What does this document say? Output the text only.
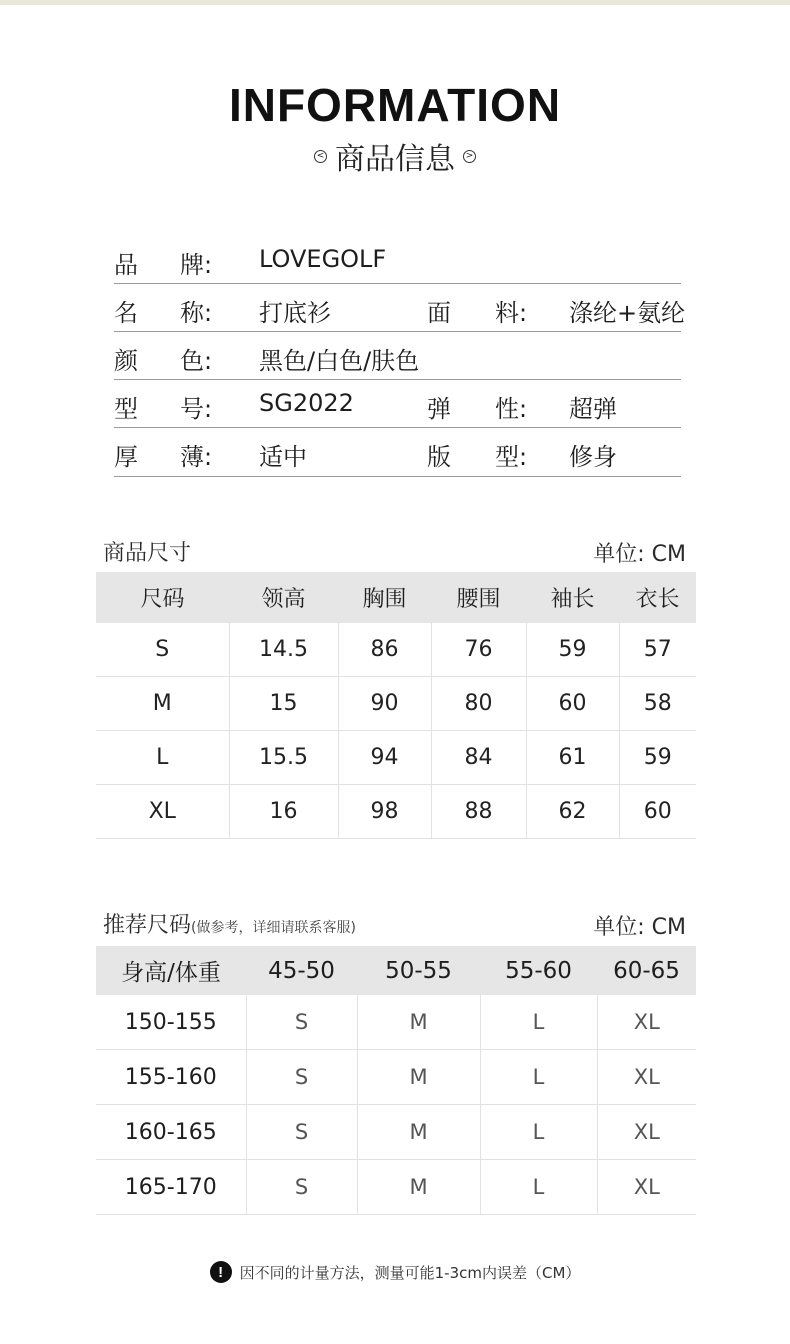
INFORMATION
< 商品信息	>
品 牌: LOVEGOLF
名 称: 打底衫	面 料: 涤纶+氨纶
颜 色: 黑色/白色/肤色
型 号: SG2022	弹 性: 超弹
厚 薄: 适中	版 型: 修身
商品尺寸	单位: CM
尺码	领高	胸围	腰围	袖长	衣长
S	14.5	86	76	59	57
M	15	90	80	60	58
L	15.5	94	84	61	59
XL	16	98	88	62	60
推荐尺码(做参考，详细请联系客服)	单位: CM
身高/体重	45-50	50-55	55-60	60-65
150-155	S	M	L	XL
155-160	S	M	L	XL
160-165	S	M	L	XL
165-170	S	M	L	XL
!	因不同的计量方法，测量可能1-3cm内误差（CM）
